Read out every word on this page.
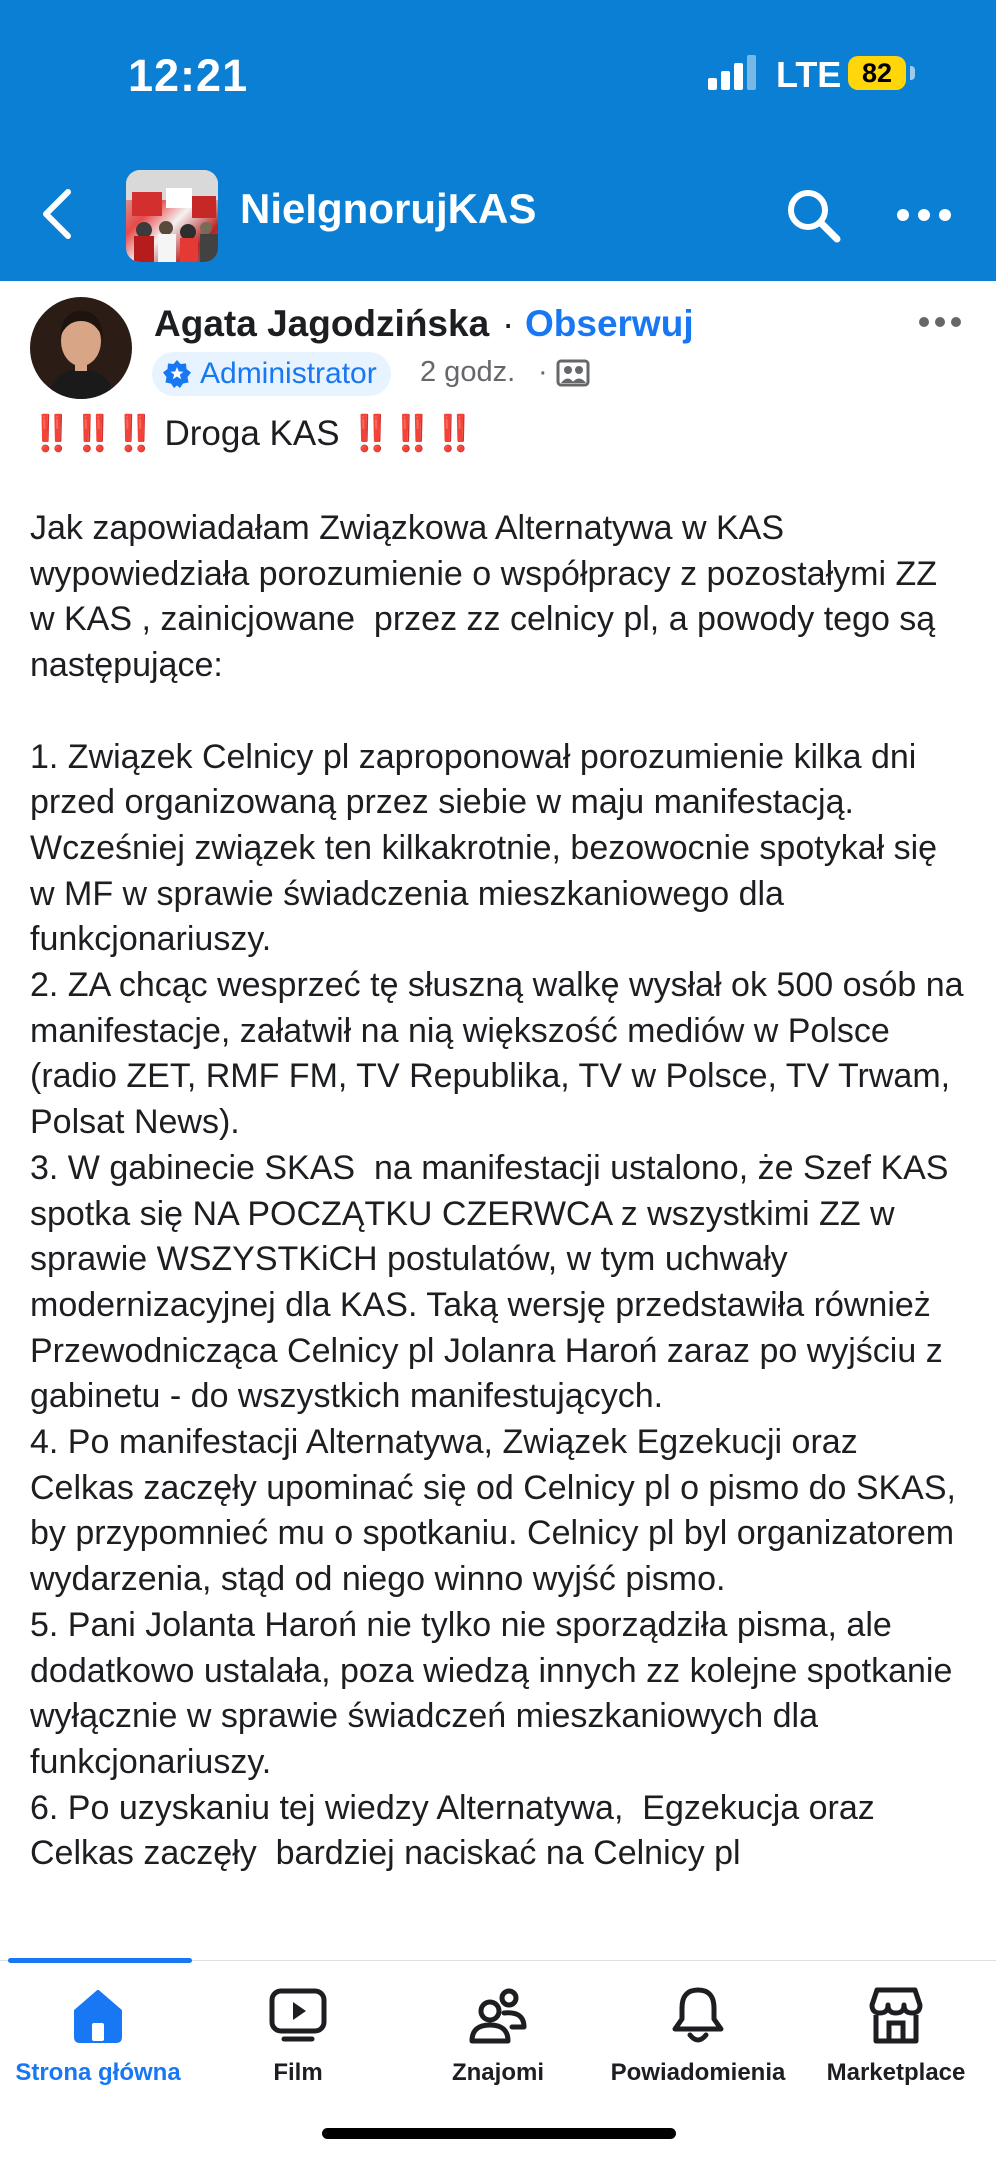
12:21	LTE 82
NieIgnorujKAS
Agata Jagodzińska · Obserwuj
Administrator 2 godz. ·
‼️‼️‼️ Droga KAS ‼️‼️‼️

Jak zapowiadałam Związkowa Alternatywa w KAS wypowiedziała porozumienie o współpracy z pozostałymi ZZ w KAS , zainicjowane  przez zz celnicy pl, a powody tego są następujące:

1. Związek Celnicy pl zaproponował porozumienie kilka dni przed organizowaną przez siebie w maju manifestacją. Wcześniej związek ten kilkakrotnie, bezowocnie spotykał się w MF w sprawie świadczenia mieszkaniowego dla funkcjonariuszy.
2. ZA chcąc wesprzeć tę słuszną walkę wysłał ok 500 osób na manifestacje, załatwił na nią większość mediów w Polsce (radio ZET, RMF FM, TV Republika, TV w Polsce, TV Trwam, Polsat News).
3. W gabinecie SKAS  na manifestacji ustalono, że Szef KAS spotka się NA POCZĄTKU CZERWCA z wszystkimi ZZ w sprawie WSZYSTKiCH postulatów, w tym uchwały modernizacyjnej dla KAS. Taką wersję przedstawiła również Przewodnicząca Celnicy pl Jolanra Haroń zaraz po wyjściu z gabinetu - do wszystkich manifestujących.
4. Po manifestacji Alternatywa, Związek Egzekucji oraz Celkas zaczęły upominać się od Celnicy pl o pismo do SKAS,  by przypomnieć mu o spotkaniu. Celnicy pl byl organizatorem wydarzenia, stąd od niego winno wyjść pismo.
5. Pani Jolanta Haroń nie tylko nie sporządziła pisma, ale dodatkowo ustalała, poza wiedzą innych zz kolejne spotkanie wyłącznie w sprawie świadczeń mieszkaniowych dla funkcjonariuszy.
6. Po uzyskaniu tej wiedzy Alternatywa,  Egzekucja oraz Celkas zaczęły  bardziej naciskać na Celnicy pl

Strona główna	Film	Znajomi	Powiadomienia	Marketplace
